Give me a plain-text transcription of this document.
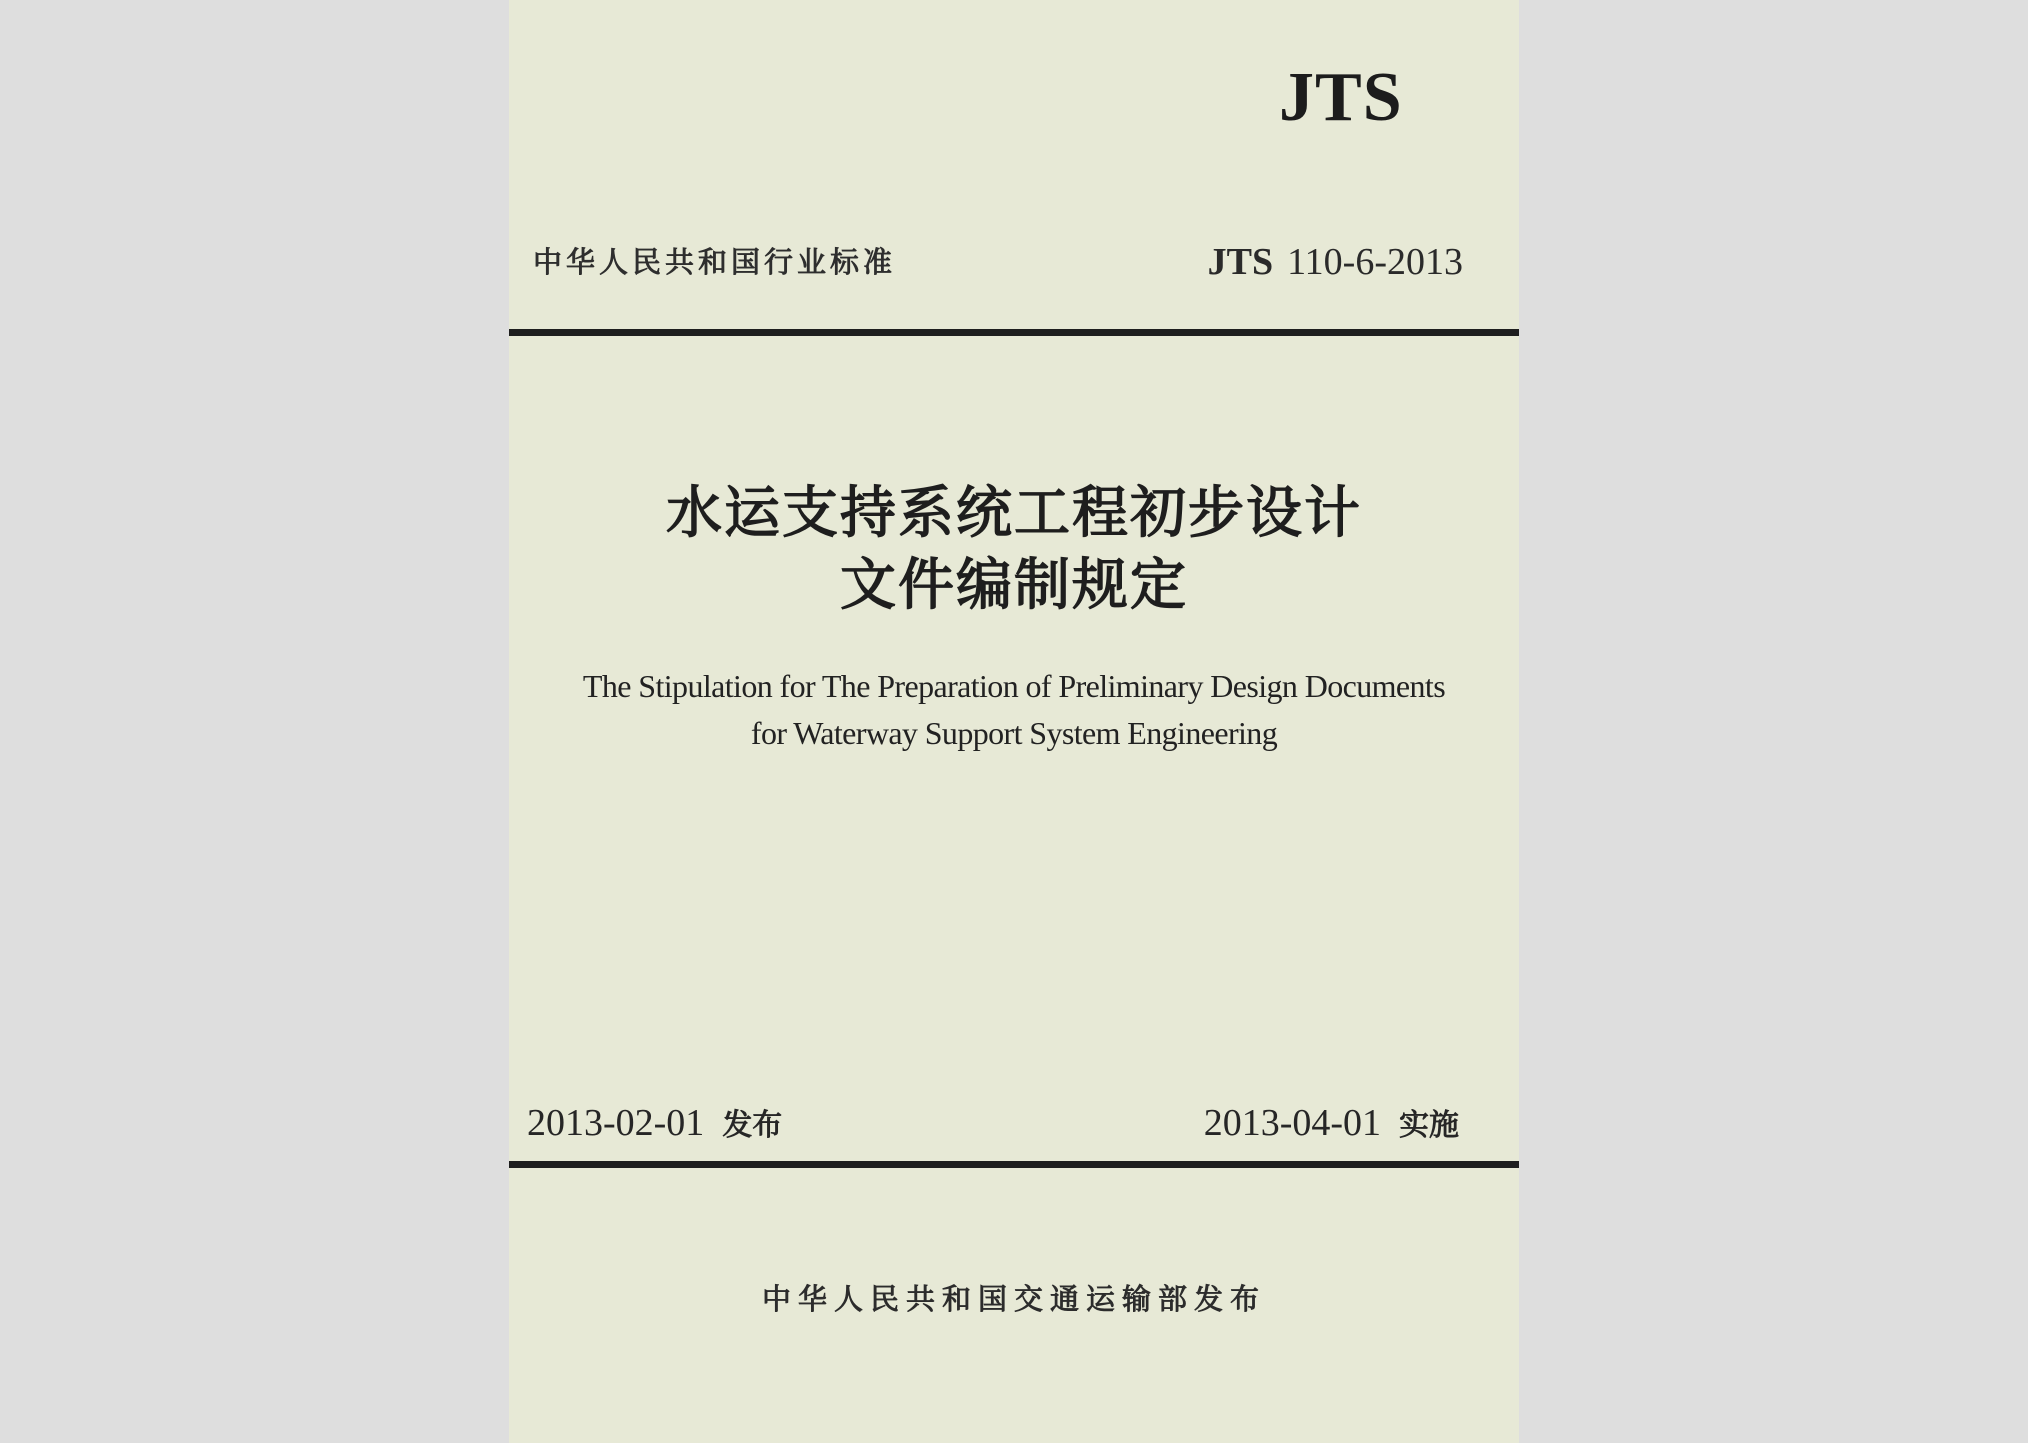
JTS
中华人民共和国行业标准	JTS 110-6-2013
水运支持系统工程初步设计
文件编制规定
The Stipulation for The Preparation of Preliminary Design Documents
for Waterway Support System Engineering
2013-02-01 发布	2013-04-01 实施
中华人民共和国交通运输部发布
